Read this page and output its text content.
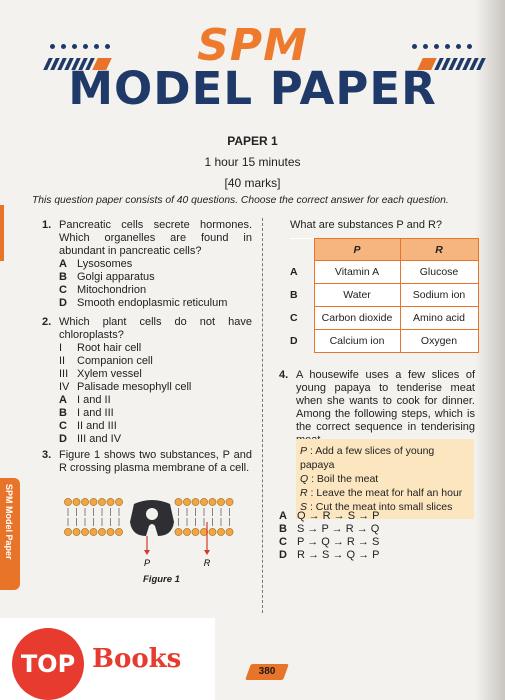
SPM
MODEL PAPER
PAPER 1
1 hour 15 minutes
[40 marks]
This question paper consists of 40 questions. Choose the correct answer for each question.
1. Pancreatic cells secrete hormones. Which organelles are found in abundant in pancreatic cells?
A Lysosomes
B Golgi apparatus
C Mitochondrion
D Smooth endoplasmic reticulum
2. Which plant cells do not have chloroplasts?
I	Root hair cell
II	Companion cell
III Xylem vessel
IV Palisade mesophyll cell
A I and II
B I and III
C II and III
D III and IV
3. Figure 1 shows two substances, P and R crossing plasma membrane of a cell.
P	R
Figure 1
What are substances P and R?
	P	R
A	Vitamin A	Glucose
B	Water	Sodium ion
C	Carbon dioxide	Amino acid
D	Calcium ion	Oxygen
4. A housewife uses a few slices of young papaya to tenderise meat when she wants to cook for dinner. Among the following steps, which is the correct sequence in tenderising
P : Add a few slices of young papaya
Q : Boil the meat
R : Leave the meat for half an hour
S : Cut the meat into small slices
A Q → R → S → P
B S → P → R → Q
C P → Q → R → S
D R → S → Q → P
SPM Model Paper
TOP Books	380
